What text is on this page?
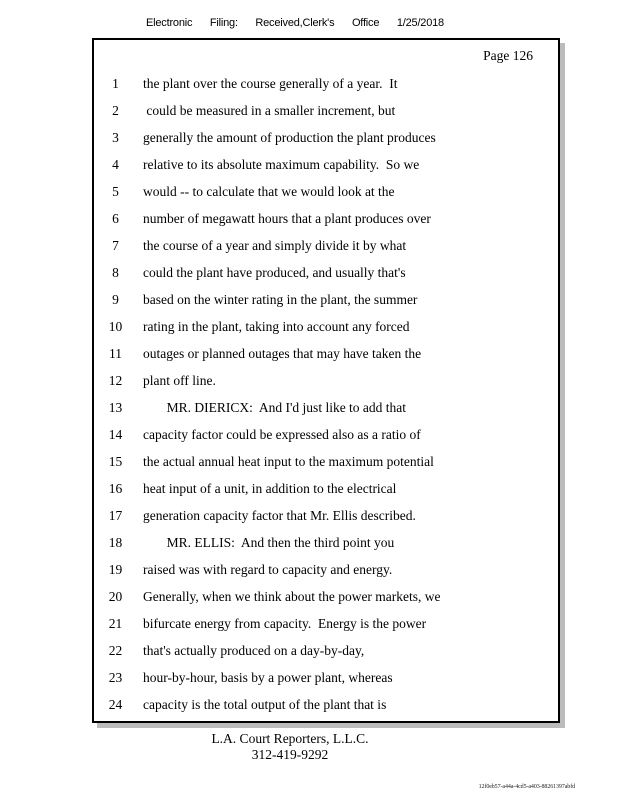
Electronic Filing: Received,Clerk's Office 1/25/2018
Page 126
1	the plant over the course generally of a year.  It
2	could be measured in a smaller increment, but
3	generally the amount of production the plant produces
4	relative to its absolute maximum capability.  So we
5	would -- to calculate that we would look at the
6	number of megawatt hours that a plant produces over
7	the course of a year and simply divide it by what
8	could the plant have produced, and usually that's
9	based on the winter rating in the plant, the summer
10	rating in the plant, taking into account any forced
11	outages or planned outages that may have taken the
12	plant off line.
13	MR. DIERICX:  And I'd just like to add that
14	capacity factor could be expressed also as a ratio of
15	the actual annual heat input to the maximum potential
16	heat input of a unit, in addition to the electrical
17	generation capacity factor that Mr. Ellis described.
18	MR. ELLIS:  And then the third point you
19	raised was with regard to capacity and energy.
20	Generally, when we think about the power markets, we
21	bifurcate energy from capacity.  Energy is the power
22	that's actually produced on a day-by-day,
23	hour-by-hour, basis by a power plant, whereas
24	capacity is the total output of the plant that is
L.A. Court Reporters, L.L.C.
312-419-9292
12f0eb57-a44a-4cd5-a403-88261397abfd
